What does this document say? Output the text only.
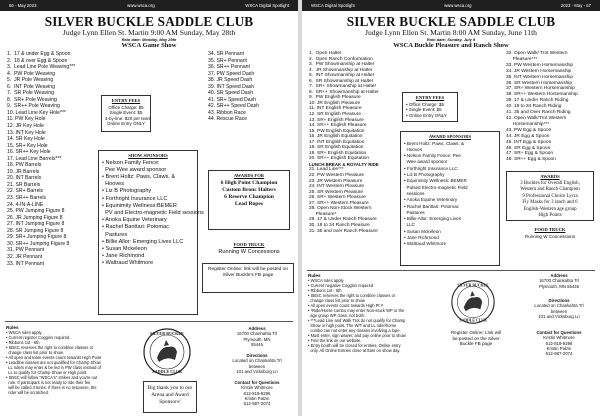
66 - May 2023	www.wsca.org	WSCA Digital Spotlight
SILVER BUCKLE SADDLE CLUB
Judge Lynn Ellen St. Martin 9:00 AM Sunday, May 28th
Rain date: Monday, May 29th
WSCA Game Show
1.  17 & under Egg & Spoon
2.  18 & over Egg & Spoon
3.  Lead Line Pole Weaving***
4.  PW Pole Weaving
5.  JR Pole Weaving
6.  INT Pole Weaving
7.  SR Pole Weaving
8.  SR+ Pole Weaving
9.  SR++ Pole Weaving
10. Lead Line Key Hole***
11. PW Key Hole
12. JR Key Hole
13. INT Key Hole
14. SR Key Hole
15. SR+ Key Hole
16. SR++ Key Hole
17. Lead Line Barrels***
18. PW Barrels
19. JR Barrels
20. INT Barrels
21. SR Barrels
22. SR+ Barrels
23. SR++ Barrels
24. 4-IN-A-LINE
25. PW Jumping Figure 8
26. JR Jumping Figure 8
27. INT Jumping Figure 8
28. SR Jumping Figure 8
29. SR+ Jumping Figure 8
30. SR++ Jumping Figure 8
31. PW Pennant
32. JR Pennant
33. INT Pennant
ENTRY FEES
Office Charge: $5
Single Event: $5
4-by-line: $20 per team
Online Entry ONLY
SHOW SPONSORS
• Nelson Family Fence:
Pee Wee award sponsor
• Brent Holtz: Paws, Claws, &
Hooves
• Liz B Photography
• Forthright Insurance LLC
• Equinimity Wellness:BEMER
PV and Electro-magnetic Field sessions
• Anoka Equine Veterinary
• Rachel Banttari: Potomac
Pastures
• Billie Allor: Emerging Lives LLC
• Susan Mckeleon
• Jane Richmond
• Waltraud Whitmore
34. SR Pennant
35. SR+ Pennant
36. SR++ Pennant
37. PW Speed Dash
38. JR Speed Dash
39. INT Speed Dash
40. SR Speed Dash
41. SR+ Speed Dash
42. SR++ Speed Dash
43. Ribbon Race
44. Rescue Race
AWARDS FOR
6 High Point Champion
Custom Bronc Halters
6 Reserve Champion
Lead Ropes
FOOD TRUCK
Running W Concessions
Register Online: link will be posted on Silver Buckle's FB page
Rules
• WSCA rules apply
• Current register Coggins required.
• Ribbons 1st - 6th
• SBSC reserves the right to combine classes or
change class list prior to show.
• All open and team events count towards High Point
• Leadline classes are not qualified for Champ Show
LL riders may enter & be led in PW class instead of
LL to qualify for Champ Show or High point.
• SBSC will follow "WSCA's" strikes and you're out
rule. If participant is not ready to ride their fee
will be called 3 times. If there is no response, the
rider will be scratched.
SILVER BUCKLE
SADDLE CLUB
Big thank you to our Arena and Award Sponsors!
Address
16700 Chanhahta Trl
Plymouth, MN
55446
Directions
Located on Chankahta Trl
between
101 and Vicksburg Ln
Contact for Questions
Kristin Whitmore
612-819-9296
Kristin Palzin
612-987-2074
WSCA Digital Spotlight	www.wsca.org	2023 - May - 67
SILVER BUCKLE SADDLE CLUB
Judge Lynn Ellen St. Martin 8:00 AM Sunday, June 11th
Rain date: Sunday, July 9
WSCA Buckle Pleasure and Ranch Show
1.  Open Halter
2.  Open Ranch Conformation
3.  PW Showmanship at Halter
4.  JR Showmanship at Halter
5.  INT Showmanship at Halter
6.  SR Showmanship at Halter
7.  SR+ Showmanship at Halter
8.  SR++ Showmanship at Halter
9.  PW English Pleasure
10. JR English Pleasure
11. INT English Pleasure
12. SR English Pleasure
13. SR+ English Pleasure
14. SR++ English Pleasure
15. PW English Equitation
16. JR English Equitation
17. INT English Equitation
18. SR English Equitation
19. SR+ English Equitation
20. SR++ English Equitation
LUNCH BREAK & ROYALTY RIDE
21. Lead Line***
22. PW Western Pleasure
23. JR Western Pleasure
24. INT Western Pleasure
25. SR Western Pleasure
26. SR+ Western Pleasure
27. SR++ Western Pleasure
28. Open Non-Stock Western
Pleasure*
29. 17 & Under Ranch Pleasure
30. 18 to 34 Ranch Pleasure
31. 35 and over Ranch Pleasure
ENTRY FEES
• Office Charge: $5
• Single Event: $5
• Online Entry ONLY
AWARD SPONSORS
• Brent Holtz: Paws, Claws, &
Hooves
• Nelson Family Fence: Pee
Wee award sponsor
• Forthright Insurance LLC
• Liz B Photography
• Equinimity Wellness: BEMER
Pulsed Electro-magnetic Field
sessions
• Anoka Equine Veterinary
• Rachel Banttari: Potomac
Pastures
• Billie Allor: Emerging Lives
LLC
• Susan Mckeleon
• Jane Richmond
• Waltraud Whitmore
32. Open Walk/ Trot Western
Pleasure***
33. PW Western Horsemanship
34. JR Western Horsemanship
35. INT Western Horsemanship
36. SR Western Horsemanship
37. SR+ Western Horsemanship
38. SR++ Western Horsemanship
39. 17 & Under Ranch Riding
40. 18 to 34 Ranch Riding
41. 35 and Over Ranch Riding
42. Open Walk/Trot Western
Horsemanship***
43. PW Egg & Spoon
44. JR Egg & Spoon
45. INT Egg & Spoon
46. SR Egg & Spoon
47. SR+ Egg & Spoon
48. SR++ Egg & Spoon
AWARDS
3 Buckles for Overall English,
Western and Ranch Champion
9 Professional Choice Lycra
Fly Masks for 3 ranch and 6
English-Western age group
High Points
FOOD TRUCK
Running W Concessions
Rules
• WSCA rules apply
• Current negative Coggins required
• Ribbons 1st - 6th
• SBSC reserves the right to combine classes or
change class list prior to show
• All open events count towards High Pt #
• *Ride/Horse combo may enter Non-stock WP or the
age group WP class, not both.
• ***Lead Line and Walk Trot do not qualify for Champ
Show or high point. The W/T and LL rider/horse
combo can not enter any classes involving a lope.
• Must enter, sign waiver, and pay online prior to show
• Find the link on our website.
• Entry booth will be closed for entries. Online entry
only. All Online Entries close at 8am on show day.
SILVER BUCKLE
SADDLE CLUB
Register Online: Link will be posted on the Silver Buckle FB page
Address
16700 Chankahta Trl
Plymouth, MN 55446
Directions
Located on Chankahta Trl
between
101 and Vicksburg Ln
Contact for Questions
Kristin Whitmore
612-819-9296
Kristin Palzin
612-987-2074
